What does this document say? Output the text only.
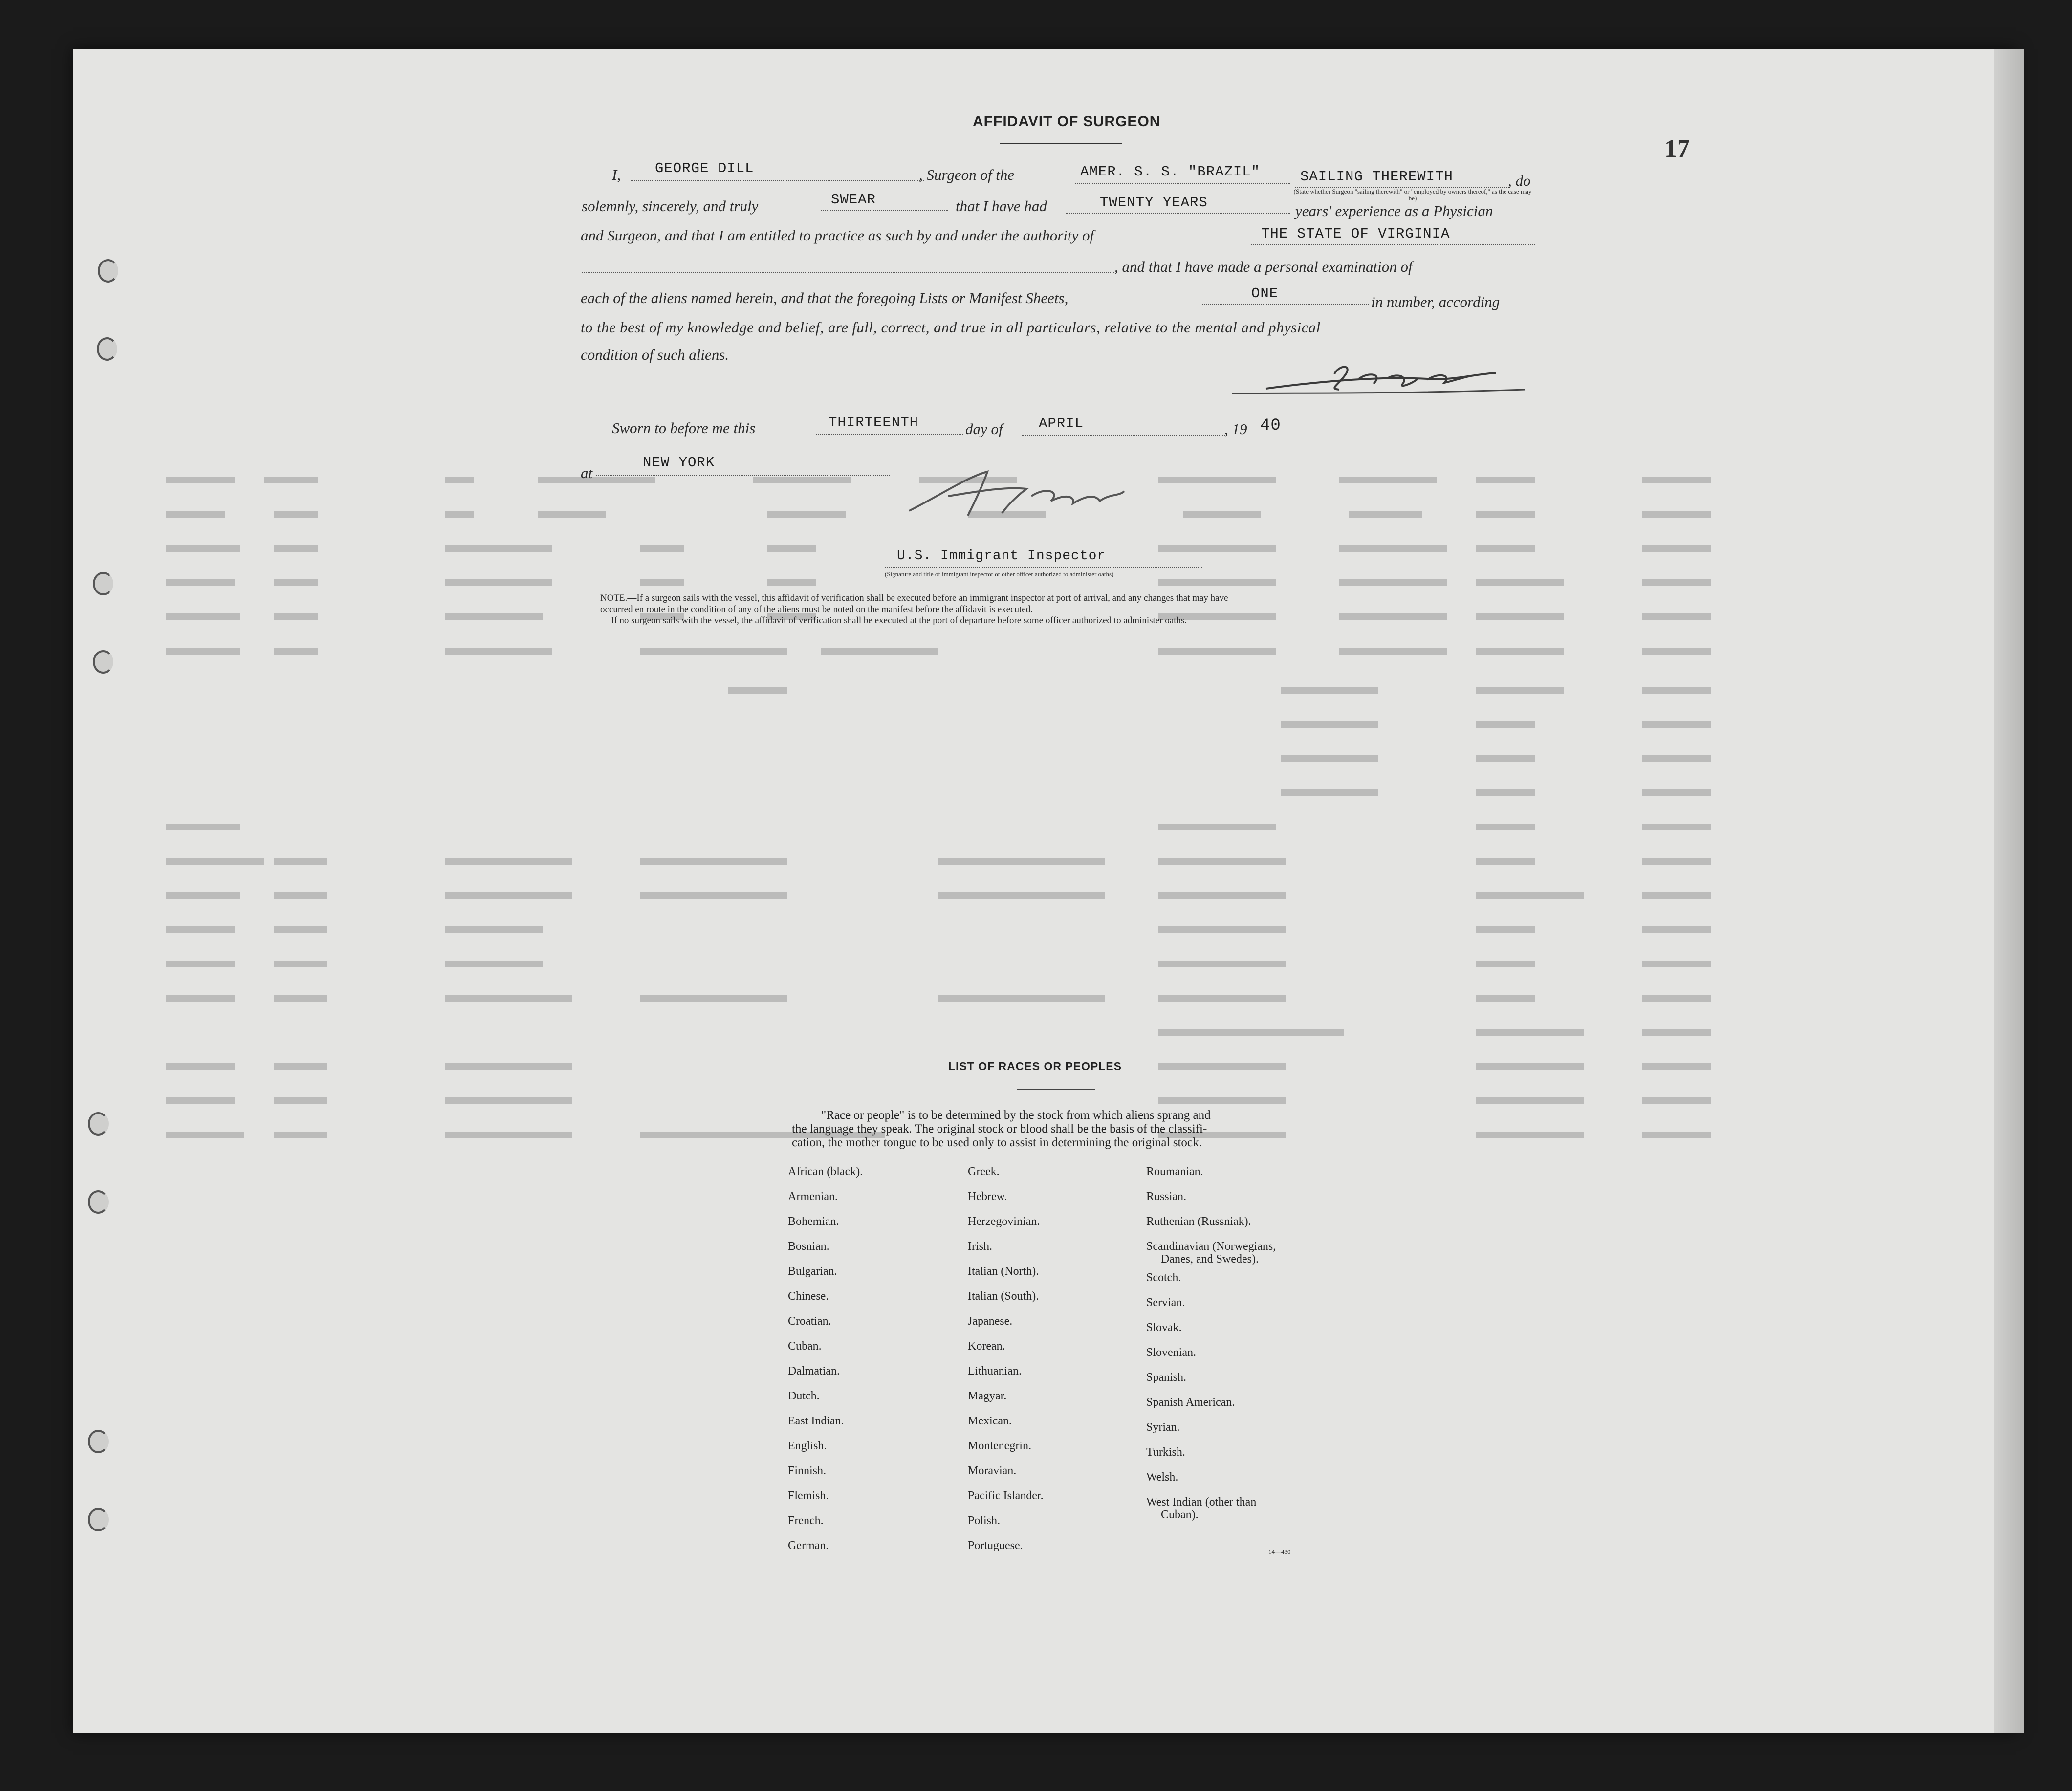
AFFIDAVIT OF SURGEON
17
I, GEORGE DILL	, Surgeon of the	AMER. S. S. "BRAZIL"	SAILING THEREWITH	, do
(State whether Surgeon "sailing therewith" or "employed by owners thereof," as the case may be)
solemnly, sincerely, and truly	SWEAR	that I have had	TWENTY YEARS	years' experience as a Physician
and Surgeon, and that I am entitled to practice as such by and under the authority of	THE STATE OF VIRGINIA
, and that I have made a personal examination of
each of the aliens named herein, and that the foregoing Lists or Manifest Sheets,	ONE	in number, according
to the best of my knowledge and belief, are full, correct, and true in all particulars, relative to the mental and physical
condition of such aliens.
Sworn to before me this	THIRTEENTH	day of	APRIL	, 19 40
at
NEW YORK
U.S. Immigrant Inspector
(Signature and title of immigrant inspector or other officer authorized to administer oaths)
NOTE.—If a surgeon sails with the vessel, this affidavit of verification shall be executed before an immigrant inspector at port of arrival, and any changes that may have
occurred en route in the condition of any of the aliens must be noted on the manifest before the affidavit is executed.
If no surgeon sails with the vessel, the affidavit of verification shall be executed at the port of departure before some officer authorized to administer oaths.
LIST OF RACES OR PEOPLES
"Race or people" is to be determined by the stock from which aliens sprang and
the language they speak. The original stock or blood shall be the basis of the classifi-
cation, the mother tongue to be used only to assist in determining the original stock.
African (black).
Armenian.
Bohemian.
Bosnian.
Bulgarian.
Chinese.
Croatian.
Cuban.
Dalmatian.
Dutch.
East Indian.
English.
Finnish.
Flemish.
French.
German.
Greek.
Hebrew.
Herzegovinian.
Irish.
Italian (North).
Italian (South).
Japanese.
Korean.
Lithuanian.
Magyar.
Mexican.
Montenegrin.
Moravian.
Pacific Islander.
Polish.
Portuguese.
Roumanian.
Russian.
Ruthenian (Russniak).
Scandinavian (Norwegians,
Danes, and Swedes).
Scotch.
Servian.
Slovak.
Slovenian.
Spanish.
Spanish American.
Syrian.
Turkish.
Welsh.
West Indian (other than
Cuban).
14—430
